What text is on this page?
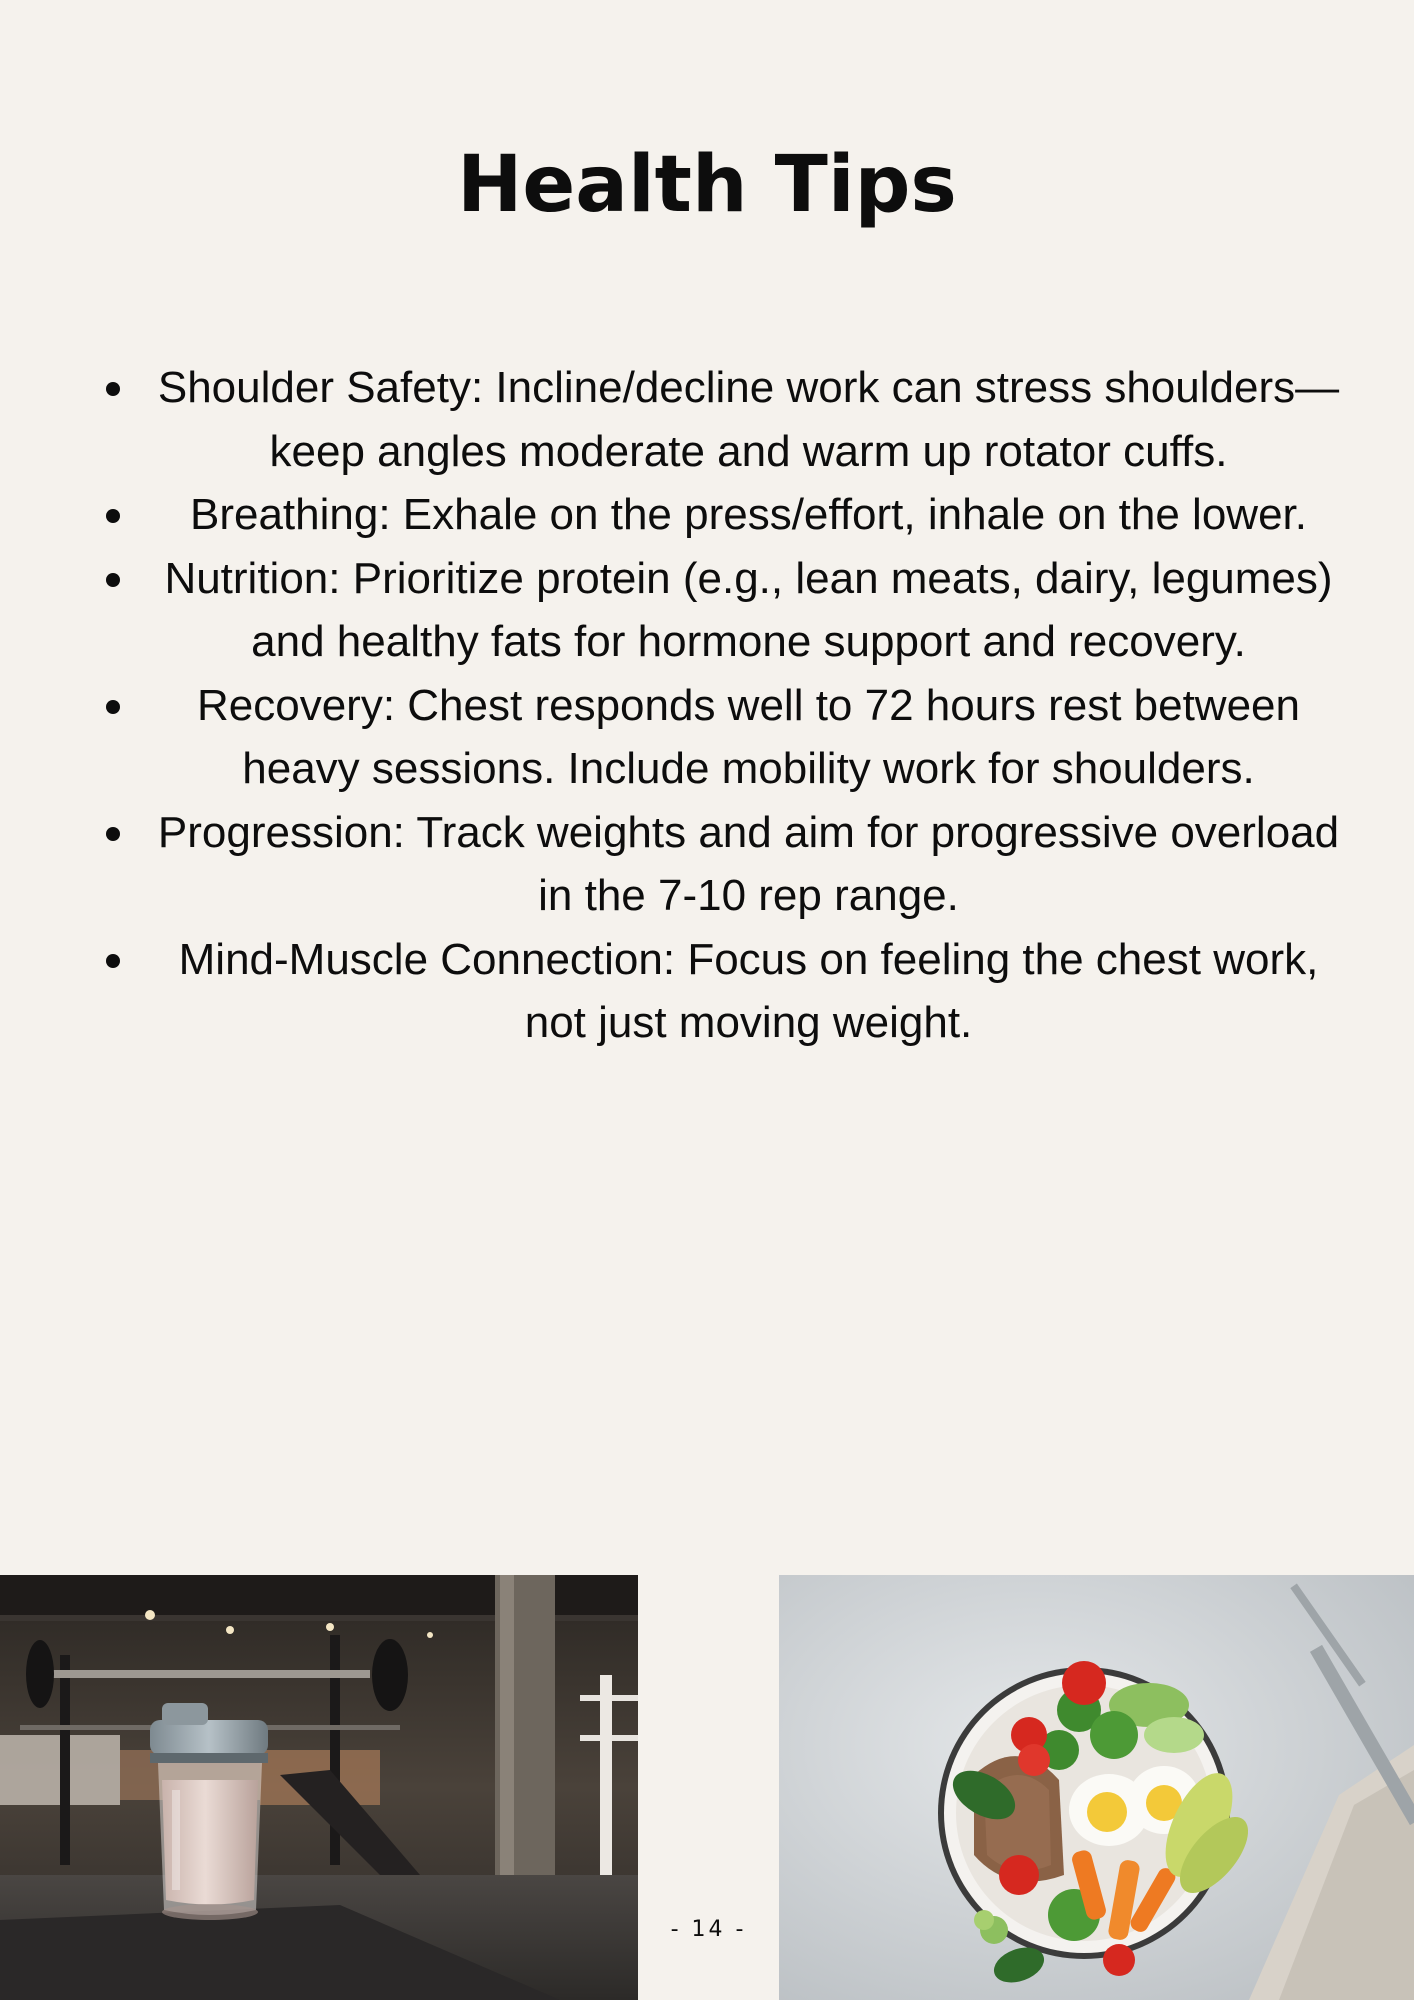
Health Tips
Shoulder Safety: Incline/decline work can stress shoulders—keep angles moderate and warm up rotator cuffs.
Breathing: Exhale on the press/effort, inhale on the lower.
Nutrition: Prioritize protein (e.g., lean meats, dairy, legumes) and healthy fats for hormone support and recovery.
Recovery: Chest responds well to 72 hours rest between heavy sessions. Include mobility work for shoulders.
Progression: Track weights and aim for progressive overload in the 7-10 rep range.
Mind-Muscle Connection: Focus on feeling the chest work, not just moving weight.
- 14 -
